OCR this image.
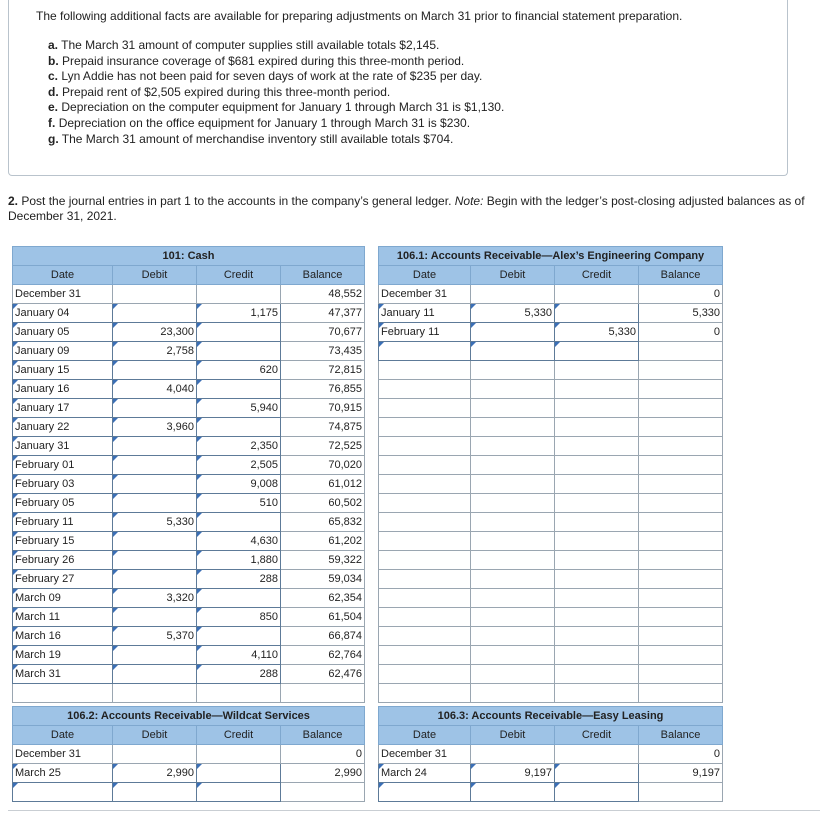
The following additional facts are available for preparing adjustments on March 31 prior to financial statement preparation.
a. The March 31 amount of computer supplies still available totals $2,145.
b. Prepaid insurance coverage of $681 expired during this three-month period.
c. Lyn Addie has not been paid for seven days of work at the rate of $235 per day.
d. Prepaid rent of $2,505 expired during this three-month period.
e. Depreciation on the computer equipment for January 1 through March 31 is $1,130.
f. Depreciation on the office equipment for January 1 through March 31 is $230.
g. The March 31 amount of merchandise inventory still available totals $704.
2. Post the journal entries in part 1 to the accounts in the company’s general ledger. Note: Begin with the ledger’s post-closing adjusted balances as of December 31, 2021.
101: Cash			
Date	Debit	Credit	Balance
December 31			48,552
January 04		1,175	47,377
January 05	23,300		70,677
January 09	2,758		73,435
January 15		620	72,815
January 16	4,040		76,855
January 17		5,940	70,915
January 22	3,960		74,875
January 31		2,350	72,525
February 01		2,505	70,020
February 03		9,008	61,012
February 05		510	60,502
February 11	5,330		65,832
February 15		4,630	61,202
February 26		1,880	59,322
February 27		288	59,034
March 09	3,320		62,354
March 11		850	61,504
March 16	5,370		66,874
March 19		4,110	62,764
March 31		288	62,476

106.1: Accounts Receivable—Alex’s Engineering Company			
Date	Debit	Credit	Balance
December 31			0
January 11	5,330		5,330
February 11		5,330	0

106.2: Accounts Receivable—Wildcat Services			
Date	Debit	Credit	Balance
December 31			0
March 25	2,990		2,990

106.3: Accounts Receivable—Easy Leasing			
Date	Debit	Credit	Balance
December 31			0
March 24	9,197		9,197
